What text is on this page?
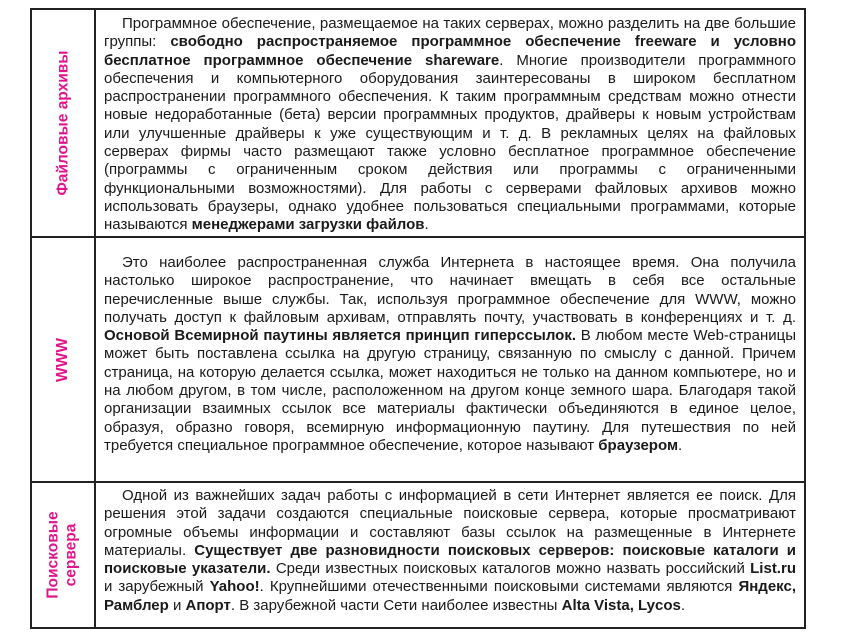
Файловые архивы
Программное обеспечение, размещаемое на таких серверах, можно разделить на две большие группы: свободно распространяемое программное обеспечение freeware и условно бесплатное программное обеспечение shareware. Многие производители программного обеспечения и компьютерного оборудования заинтересованы в широком бесплатном распространении программного обеспечения. К таким программным средствам можно отнести новые недоработанные (бета) версии программных продуктов, драйверы к новым устройствам или улучшенные драйверы к уже существующим и т. д. В рекламных целях на файловых серверах фирмы часто размещают также условно бесплатное программное обеспечение (программы с ограниченным сроком действия или программы с ограниченными функциональными возможностями). Для работы с серверами файловых архивов можно использовать браузеры, однако удобнее пользоваться специальными программами, которые называются менеджерами загрузки файлов.
WWW
Это наиболее распространенная служба Интернета в настоящее время. Она получила настолько широкое распространение, что начинает вмещать в себя все остальные перечисленные выше службы. Так, используя программное обеспечение для WWW, можно получать доступ к файловым архивам, отправлять почту, участвовать в конференциях и т. д. Основой Всемирной паутины является принцип гиперссылок. В любом месте Web-страницы может быть поставлена ссылка на другую страницу, связанную по смыслу с данной. Причем страница, на которую делается ссылка, может находиться не только на данном компьютере, но и на любом другом, в том числе, расположенном на другом конце земного шара. Благодаря такой организации взаимных ссылок все материалы фактически объединяются в единое целое, образуя, образно говоря, всемирную информационную паутину. Для путешествия по ней требуется специальное программное обеспечение, которое называют браузером.
Поисковые
сервера
Одной из важнейших задач работы с информацией в сети Интернет является ее поиск. Для решения этой задачи создаются специальные поисковые сервера, которые просматривают огромные объемы информации и составляют базы ссылок на размещенные в Интернете материалы. Существует две разновидности поисковых серверов: поисковые каталоги и поисковые указатели. Среди известных поисковых каталогов можно назвать российский List.ru и зарубежный Yahoo!. Крупнейшими отечественными поисковыми системами являются Яндекс, Рамблер и Апорт. В зарубежной части Сети наиболее известны Alta Vista, Lycos.
